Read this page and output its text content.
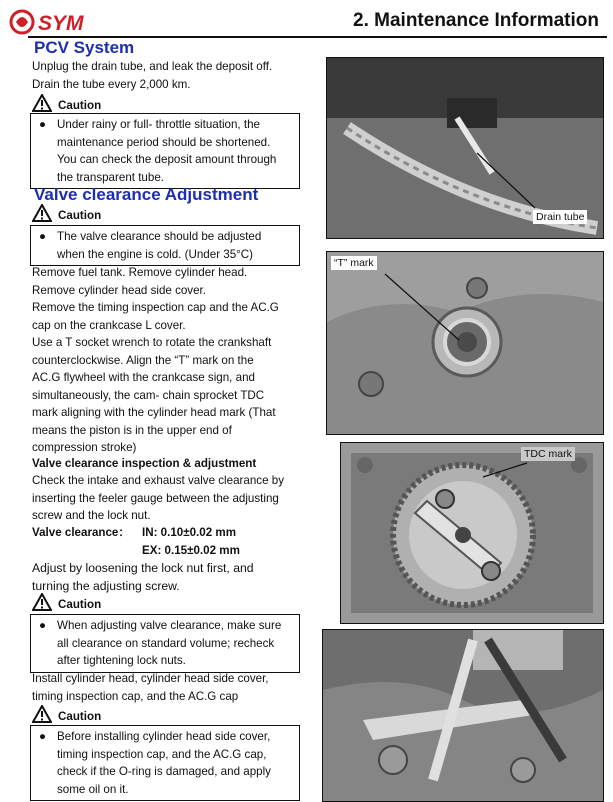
SYM	2. Maintenance Information
PCV System
Unplug the drain tube, and leak the deposit off.
Drain the tube every 2,000 km.
Caution
● Under rainy or full- throttle situation, the
maintenance period should be shortened.
You can check the deposit amount through
the transparent tube.
Valve clearance Adjustment
Caution
● The valve clearance should be adjusted
when the engine is cold. (Under 35°C)
Remove fuel tank. Remove cylinder head.
Remove cylinder head side cover.
Remove the timing inspection cap and the AC.G
cap on the crankcase L cover.
Use a T socket wrench to rotate the crankshaft
counterclockwise. Align the “T” mark on the
AC.G flywheel with the crankcase sign, and
simultaneously, the cam- chain sprocket TDC
mark aligning with the cylinder head mark (That
means the piston is in the upper end of
compression stroke)
Valve clearance inspection & adjustment
Check the intake and exhaust valve clearance by
inserting the feeler gauge between the adjusting
screw and the lock nut.
Valve clearance： IN: 0.10±0.02 mm
EX: 0.15±0.02 mm
Adjust by loosening the lock nut first, and
turning the adjusting screw.
Caution
● When adjusting valve clearance, make sure
all clearance on standard volume; recheck
after tightening lock nuts.
Install cylinder head, cylinder head side cover,
timing inspection cap, and the AC.G cap
Caution
● Before installing cylinder head side cover,
timing inspection cap, and the AC.G cap,
check if the O-ring is damaged, and apply
some oil on it.
Drain tube
“T” mark
TDC mark
